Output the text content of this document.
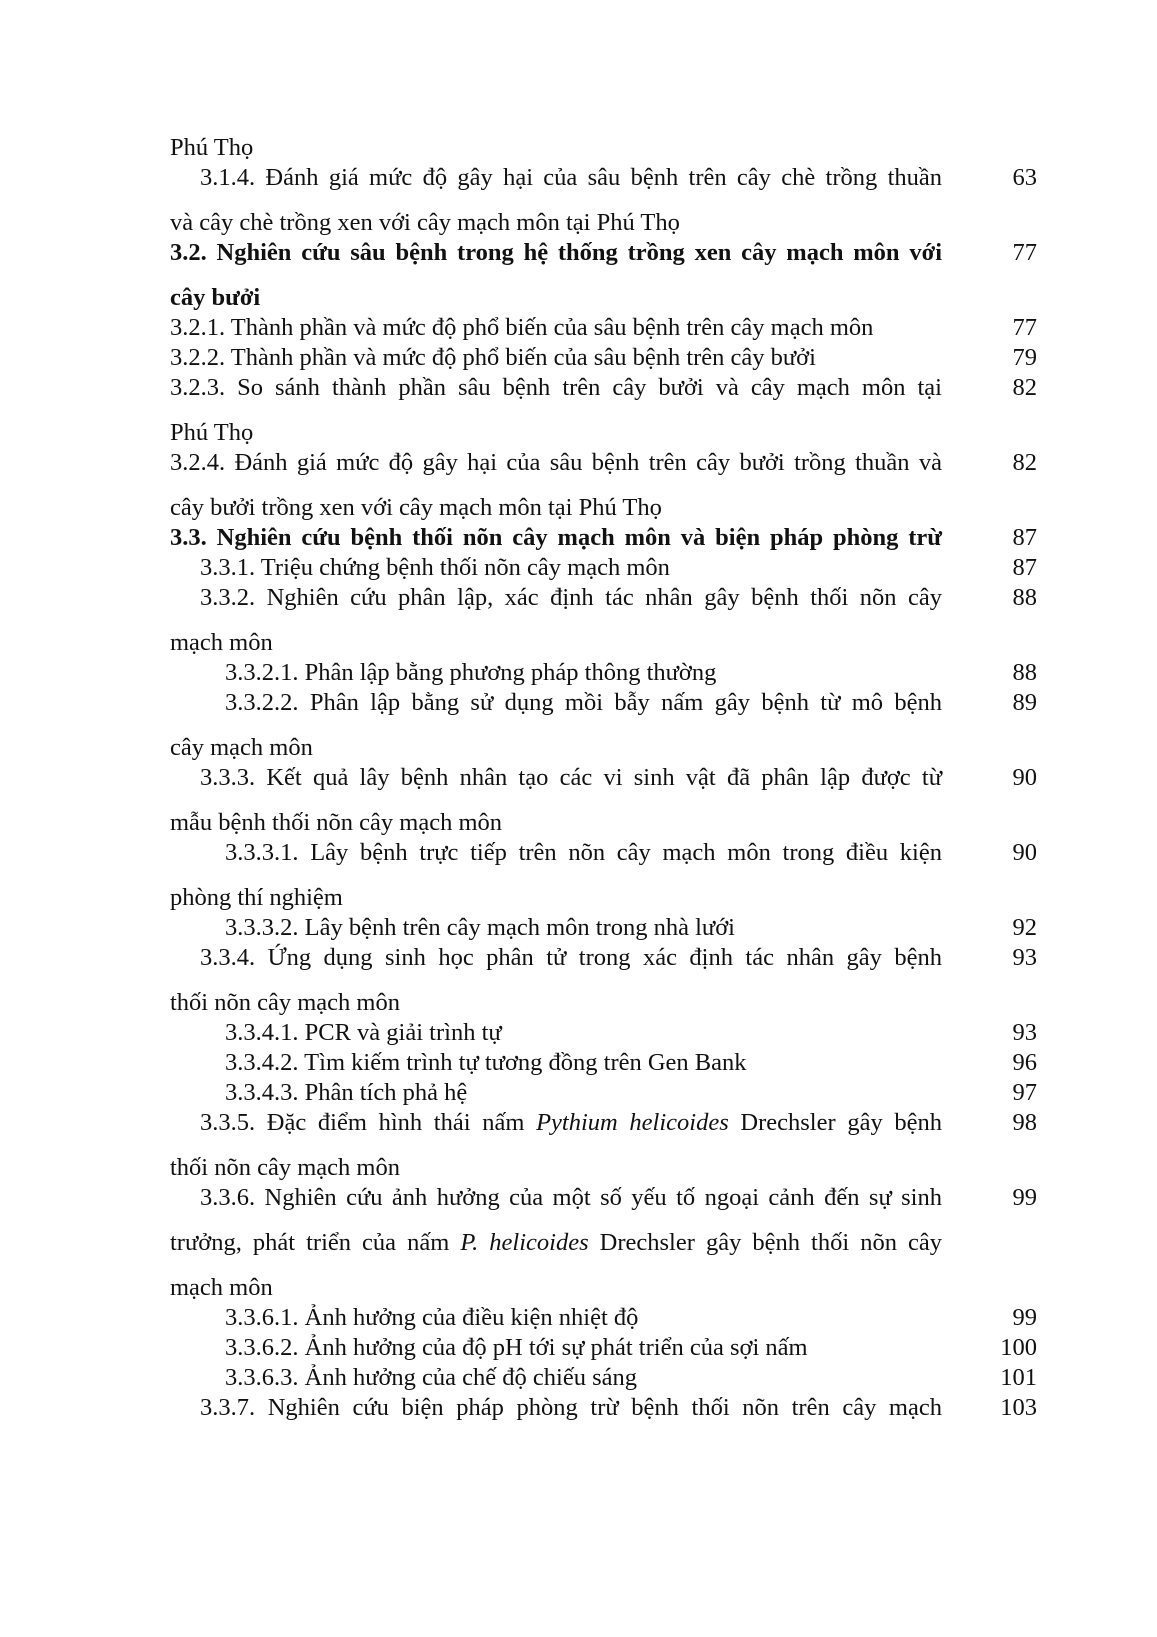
Phú Thọ
3.1.4. Đánh giá mức độ gây hại của sâu bệnh trên cây chè trồng thuần	63
và cây chè trồng xen với cây mạch môn tại Phú Thọ
3.2. Nghiên cứu sâu bệnh trong hệ thống trồng xen cây mạch môn với	77
cây bưởi
3.2.1. Thành phần và mức độ phổ biến của sâu bệnh trên cây mạch môn	77
3.2.2. Thành phần và mức độ phổ biến của sâu bệnh trên cây bưởi	79
3.2.3. So sánh thành phần sâu bệnh trên cây bưởi và cây mạch môn tại	82
Phú Thọ
3.2.4. Đánh giá mức độ gây hại của sâu bệnh trên cây bưởi trồng thuần và	82
cây bưởi trồng xen với cây mạch môn tại Phú Thọ
3.3. Nghiên cứu bệnh thối nõn cây mạch môn và biện pháp phòng trừ	87
3.3.1. Triệu chứng bệnh thối nõn cây mạch môn	87
3.3.2. Nghiên cứu phân lập, xác định tác nhân gây bệnh thối nõn cây	88
mạch môn
3.3.2.1. Phân lập bằng phương pháp thông thường	88
3.3.2.2. Phân lập bằng sử dụng mồi bẫy nấm gây bệnh từ mô bệnh	89
cây mạch môn
3.3.3. Kết quả lây bệnh nhân tạo các vi sinh vật đã phân lập được từ	90
mẫu bệnh thối nõn cây mạch môn
3.3.3.1. Lây bệnh trực tiếp trên nõn cây mạch môn trong điều kiện	90
phòng thí nghiệm
3.3.3.2. Lây bệnh trên cây mạch môn trong nhà lưới	92
3.3.4. Ứng dụng sinh học phân tử trong xác định tác nhân gây bệnh	93
thối nõn cây mạch môn
3.3.4.1. PCR và giải trình tự	93
3.3.4.2. Tìm kiếm trình tự tương đồng trên Gen Bank	96
3.3.4.3. Phân tích phả hệ	97
3.3.5. Đặc điểm hình thái nấm Pythium helicoides Drechsler gây bệnh	98
thối nõn cây mạch môn
3.3.6. Nghiên cứu ảnh hưởng của một số yếu tố ngoại cảnh đến sự sinh	99
trưởng, phát triển của nấm P. helicoides Drechsler gây bệnh thối nõn cây
mạch môn
3.3.6.1. Ảnh hưởng của điều kiện nhiệt độ	99
3.3.6.2. Ảnh hưởng của độ pH tới sự phát triển của sợi nấm	100
3.3.6.3. Ảnh hưởng của chế độ chiếu sáng	101
3.3.7. Nghiên cứu biện pháp phòng trừ bệnh thối nõn trên cây mạch	103
